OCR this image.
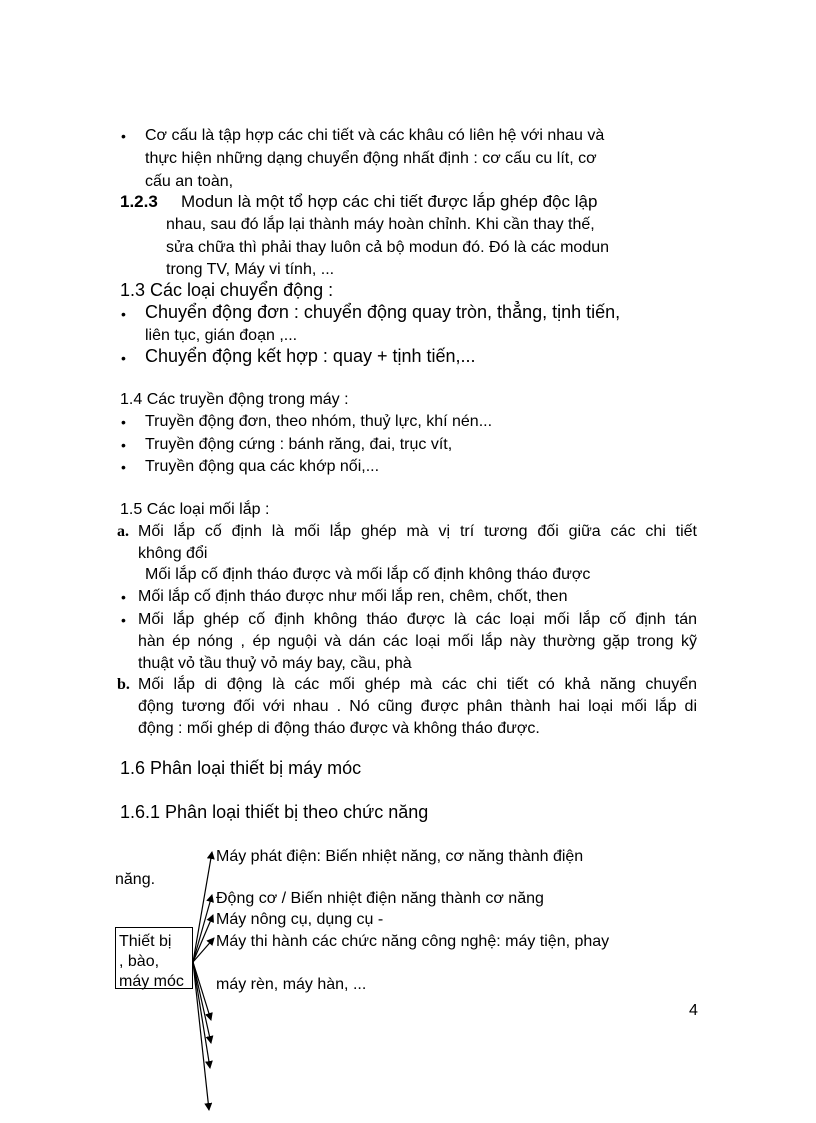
• Cơ cấu là tập hợp các chi tiết và các khâu có liên hệ với nhau và
thực hiện những dạng chuyển động nhất định : cơ cấu cu lít, cơ
cấu an toàn,
1.2.3 Modun là một tổ hợp các chi tiết được lắp ghép độc lập
nhau, sau đó lắp lại thành máy hoàn chỉnh. Khi cần thay thế,
sửa chữa thì phải thay luôn cả bộ modun đó. Đó là các modun
trong TV, Máy vi tính, ...
1.3 Các loại chuyển động :
• Chuyển động đơn : chuyển động quay tròn, thẳng, tịnh tiến,
liên tục, gián đoạn ,...
• Chuyển động kết hợp : quay + tịnh tiến,...
1.4 Các truyền động trong máy :
• Truyền động đơn, theo nhóm, thuỷ lực, khí nén...
• Truyền động cứng : bánh răng, đai, trục vít,
• Truyền động qua các khớp nối,...
1.5 Các loại mối lắp :
a. Mối lắp cố định là mối lắp ghép mà vị trí tương đối giữa các chi tiết
không đổi
Mối lắp cố định tháo được và mối lắp cố định không tháo được
• Mối lắp cố định tháo được như mối lắp ren, chêm, chốt, then
• Mối lắp ghép cố định không tháo được là các loại mối lắp cố định tán
hàn ép nóng , ép nguội và dán các loại mối lắp này thường gặp trong kỹ
thuật vỏ tầu thuỷ vỏ máy bay, cầu, phà
b. Mối lắp di động là các mối ghép mà các chi tiết có khả năng chuyển
động tương đối với nhau . Nó cũng được phân thành hai loại mối lắp di
động : mối ghép di động tháo được và không tháo được.
1.6 Phân loại thiết bị máy móc
1.6.1 Phân loại thiết bị theo chức năng
Máy phát điện: Biến nhiệt năng, cơ năng thành điện
năng.
Động cơ / Biến nhiệt điện năng thành cơ năng
Máy nông cụ, dụng cụ -
Máy thi hành các chức năng công nghệ: máy tiện, phay
máy rèn, máy hàn, ...
Thiết bị
, bào,
máy móc
4
